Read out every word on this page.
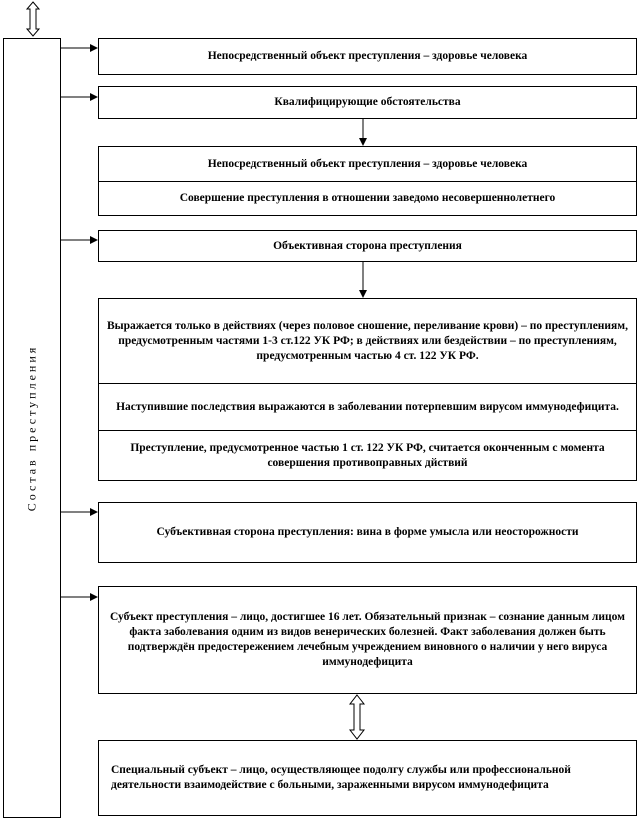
Состав преступления
Непосредственный объект преступления – здоровье человека
Квалифицирующие обстоятельства
Непосредственный объект преступления – здоровье человека
Совершение преступления в отношении заведомо несовершеннолетнего
Объективная сторона преступления
Выражается только в действиях (через половое сношение, переливание крови) – по преступлениям, предусмотренным частями 1-3 ст.122 УК РФ; в действиях или бездействии – по преступлениям, предусмотренным частью 4 ст. 122 УК РФ.
Наступившие последствия выражаются в заболевании потерпевшим вирусом иммунодефицита.
Преступление, предусмотренное частью 1 ст. 122 УК РФ, считается оконченным с момента совершения противоправных дйствий
Субъективная сторона преступления: вина в форме умысла или неосторожности
Субъект преступления – лицо, достигшее 16 лет. Обязательный признак – сознание данным лицом факта заболевания одним из видов венерических болезней. Факт заболевания должен быть подтверждён предостережением лечебным учреждением виновного о наличии у него вируса иммунодефицита
Специальный субъект – лицо, осуществляющее подолгу службы или профессиональной деятельности взаимодействие с больными, зараженными вирусом иммунодефицита
